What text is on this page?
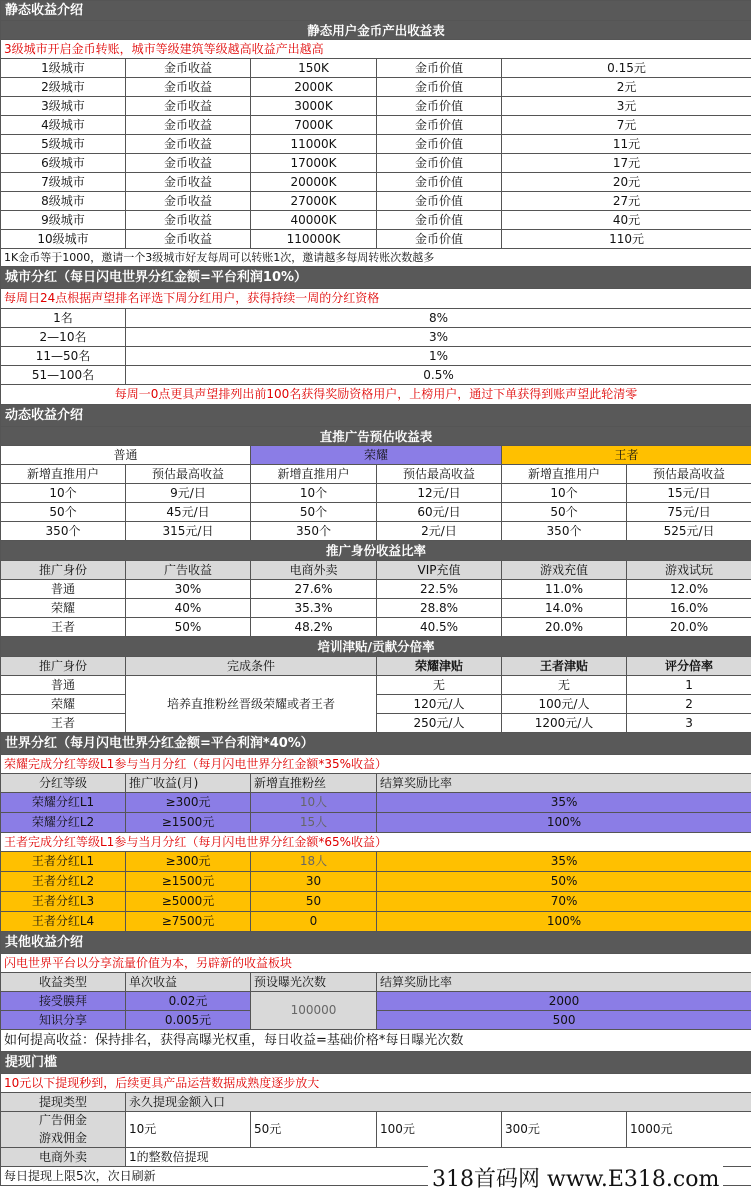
静态收益介绍					
静态用户金币产出收益表					
3级城市开启金币转账，城市等级建筑等级越高收益产出越高					
1级城市	金币收益	150K	金币价值	0.15元	
2级城市	金币收益	2000K	金币价值	2元	
3级城市	金币收益	3000K	金币价值	3元	
4级城市	金币收益	7000K	金币价值	7元	
5级城市	金币收益	11000K	金币价值	11元	
6级城市	金币收益	17000K	金币价值	17元	
7级城市	金币收益	20000K	金币价值	20元	
8级城市	金币收益	27000K	金币价值	27元	
9级城市	金币收益	40000K	金币价值	40元	
10级城市	金币收益	110000K	金币价值	110元	
1K金币等于1000，邀请一个3级城市好友每周可以转账1次，邀请越多每周转账次数越多					
城市分红（每日闪电世界分红金额=平台利润10%）					
每周日24点根据声望排名评选下周分红用户，获得持续一周的分红资格					
1名	8%				
2—10名	3%				
11—50名	1%				
51—100名	0.5%				
每周一0点更具声望排列出前100名获得奖励资格用户，上榜用户，通过下单获得到账声望此轮清零					
动态收益介绍					
直推广告预估收益表					
普通		荣耀		王者	
新增直推用户	预估最高收益	新增直推用户	预估最高收益	新增直推用户	预估最高收益
10个	9元/日	10个	12元/日	10个	15元/日
50个	45元/日	50个	60元/日	50个	75元/日
350个	315元/日	350个	2元/日	350个	525元/日
推广身份收益比率					
推广身份	广告收益	电商外卖	VIP充值	游戏充值	游戏试玩
普通	30%	27.6%	22.5%	11.0%	12.0%
荣耀	40%	35.3%	28.8%	14.0%	16.0%
王者	50%	48.2%	40.5%	20.0%	20.0%
培训津贴/贡献分倍率					
推广身份	完成条件		荣耀津贴	王者津贴	评分倍率
普通	培养直推粉丝晋级荣耀或者王者		无	无	1
荣耀			120元/人	100元/人	2
王者			250元/人	1200元/人	3
世界分红（每月闪电世界分红金额=平台利润*40%）					
荣耀完成分红等级L1参与当月分红（每月闪电世界分红金额*35%收益）					
分红等级	推广收益(月)	新增直推粉丝	结算奖励比率		
荣耀分红L1	≥300元	10人	35%		
荣耀分红L2	≥1500元	15人	100%		
王者完成分红等级L1参与当月分红（每月闪电世界分红金额*65%收益）					
王者分红L1	≥300元	18人	35%		
王者分红L2	≥1500元	30	50%		
王者分红L3	≥5000元	50	70%		
王者分红L4	≥7500元	0	100%		
其他收益介绍					
闪电世界平台以分享流量价值为本，另辟新的收益板块					
收益类型	单次收益	预设曝光次数	结算奖励比率		
接受膜拜	0.02元	100000	2000		
知识分享	0.005元		500		
如何提高收益：保持排名，获得高曝光权重，每日收益=基础价格*每日曝光次数					
提现门槛					
10元以下提现秒到，后续更具产品运营数据成熟度逐步放大					
提现类型	永久提现金额入口				
广告佣金
游戏佣金	10元	50元	100元	300元	1000元
电商外卖	1的整数倍提现				
每日提现上限5次，次日刷新						318首码网 www.E318.com
